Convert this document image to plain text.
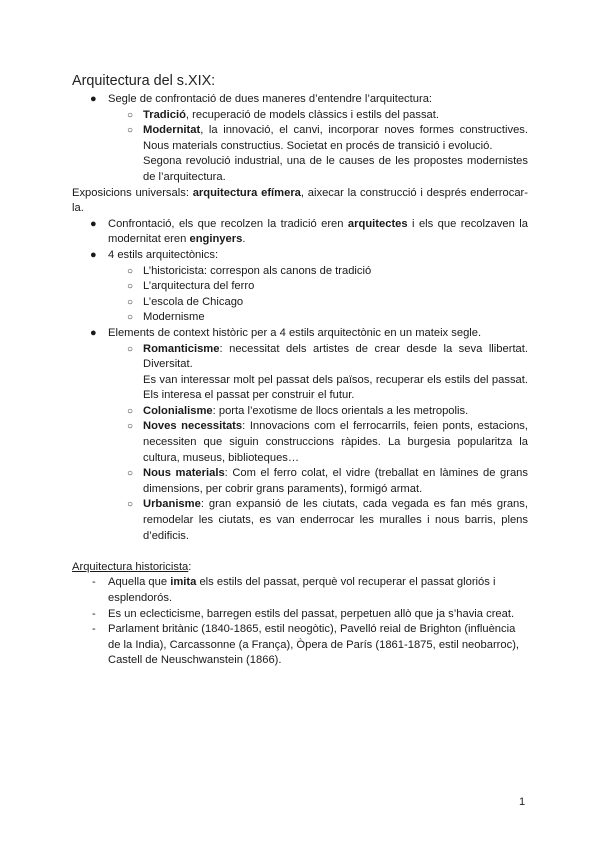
Arquitectura del s.XIX:
● Segle de confrontació de dues maneres d’entendre l’arquitectura:
○ Tradició, recuperació de models clàssics i estils del passat.
○ Modernitat, la innovació, el canvi, incorporar noves formes constructives. Nous materials constructius. Societat en procés de transició i evolució.
Segona revolució industrial, una de le causes de les propostes modernistes de l’arquitectura.
Exposicions universals: arquitectura efímera, aixecar la construcció i després enderrocar-la.
● Confrontació, els que recolzen la tradició eren arquitectes i els que recolzaven la modernitat eren enginyers.
● 4 estils arquitectònics:
○ L’historicista: correspon als canons de tradició
○ L’arquitectura del ferro
○ L’escola de Chicago
○ Modernisme
● Elements de context històric per a 4 estils arquitectònic en un mateix segle.
○ Romanticisme: necessitat dels artistes de crear desde la seva llibertat. Diversitat.
Es van interessar molt pel passat dels països, recuperar els estils del passat. Els interesa el passat per construir el futur.
○ Colonialisme: porta l’exotisme de llocs orientals a les metropolis.
○ Noves necessitats: Innovacions com el ferrocarrils, feien ponts, estacions, necessiten que siguin construccions ràpides. La burgesia popularitza la cultura, museus, biblioteques…
○ Nous materials: Com el ferro colat, el vidre (treballat en làmines de grans dimensions, per cobrir grans paraments), formigó armat.
○ Urbanisme: gran expansió de les ciutats, cada vegada es fan més grans, remodelar les ciutats, es van enderrocar les muralles i nous barris, plens d’edificis.
Arquitectura historicista:
- Aquella que imita els estils del passat, perquè vol recuperar el passat gloriós i esplendorós.
- Es un eclecticisme, barregen estils del passat, perpetuen allò que ja s’havia creat.
- Parlament britànic (1840-1865, estil neogòtic), Pavelló reial de Brighton (influència de la India), Carcassonne (a França), Òpera de París (1861-1875, estil neobarroc), Castell de Neuschwanstein (1866).
1
